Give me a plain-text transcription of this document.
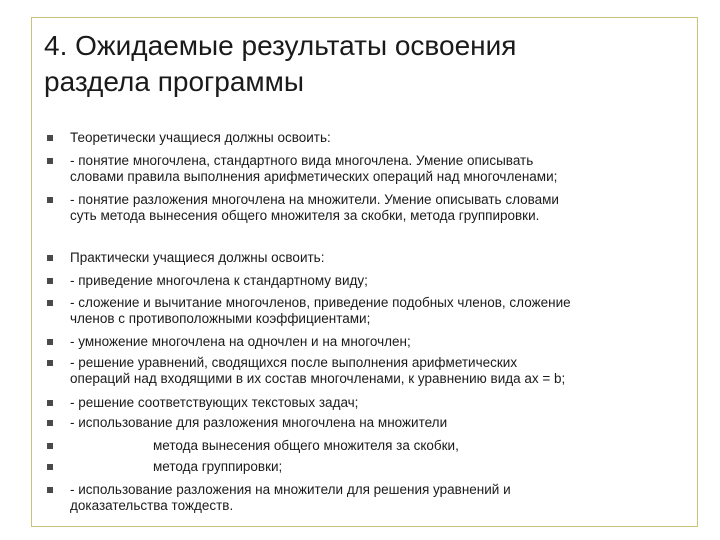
4. Ожидаемые результаты освоения
раздела программы
Теоретически учащиеся должны освоить:
- понятие многочлена, стандартного вида многочлена. Умение описывать
словами правила выполнения арифметических операций над многочленами;
- понятие разложения многочлена на множители. Умение описывать словами
суть метода вынесения общего множителя за скобки, метода группировки.
Практически учащиеся должны освоить:
- приведение многочлена к стандартному виду;
- сложение и вычитание многочленов, приведение подобных членов, сложение
членов с противоположными коэффициентами;
- умножение многочлена на одночлен и на многочлен;
- решение уравнений, сводящихся после выполнения арифметических
операций над входящими в их состав многочленами, к уравнению вида ах = b;
- решение соответствующих текстовых задач;
- использование для разложения многочлена на множители
метода вынесения общего множителя за скобки,
метода группировки;
- использование разложения на множители для решения уравнений и
доказательства тождеств.
